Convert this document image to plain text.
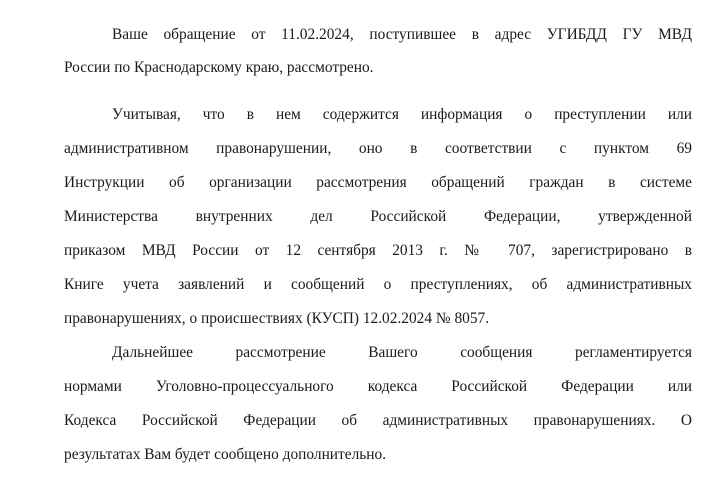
Ваше обращение от 11.02.2024, поступившее в адрес УГИБДД ГУ МВД
России по Краснодарскому краю, рассмотрено.
Учитывая, что в нем содержится информация о преступлении или
административном правонарушении, оно в соответствии с пунктом 69
Инструкции об организации рассмотрения обращений граждан в системе
Министерства внутренних дел Российской Федерации, утвержденной
приказом МВД России от 12 сентября 2013 г. № 707, зарегистрировано в
Книге учета заявлений и сообщений о преступлениях, об административных
правонарушениях, о происшествиях (КУСП) 12.02.2024 № 8057.
Дальнейшее рассмотрение Вашего сообщения регламентируется
нормами Уголовно-процессуального кодекса Российской Федерации или
Кодекса Российской Федерации об административных правонарушениях. О
результатах Вам будет сообщено дополнительно.
